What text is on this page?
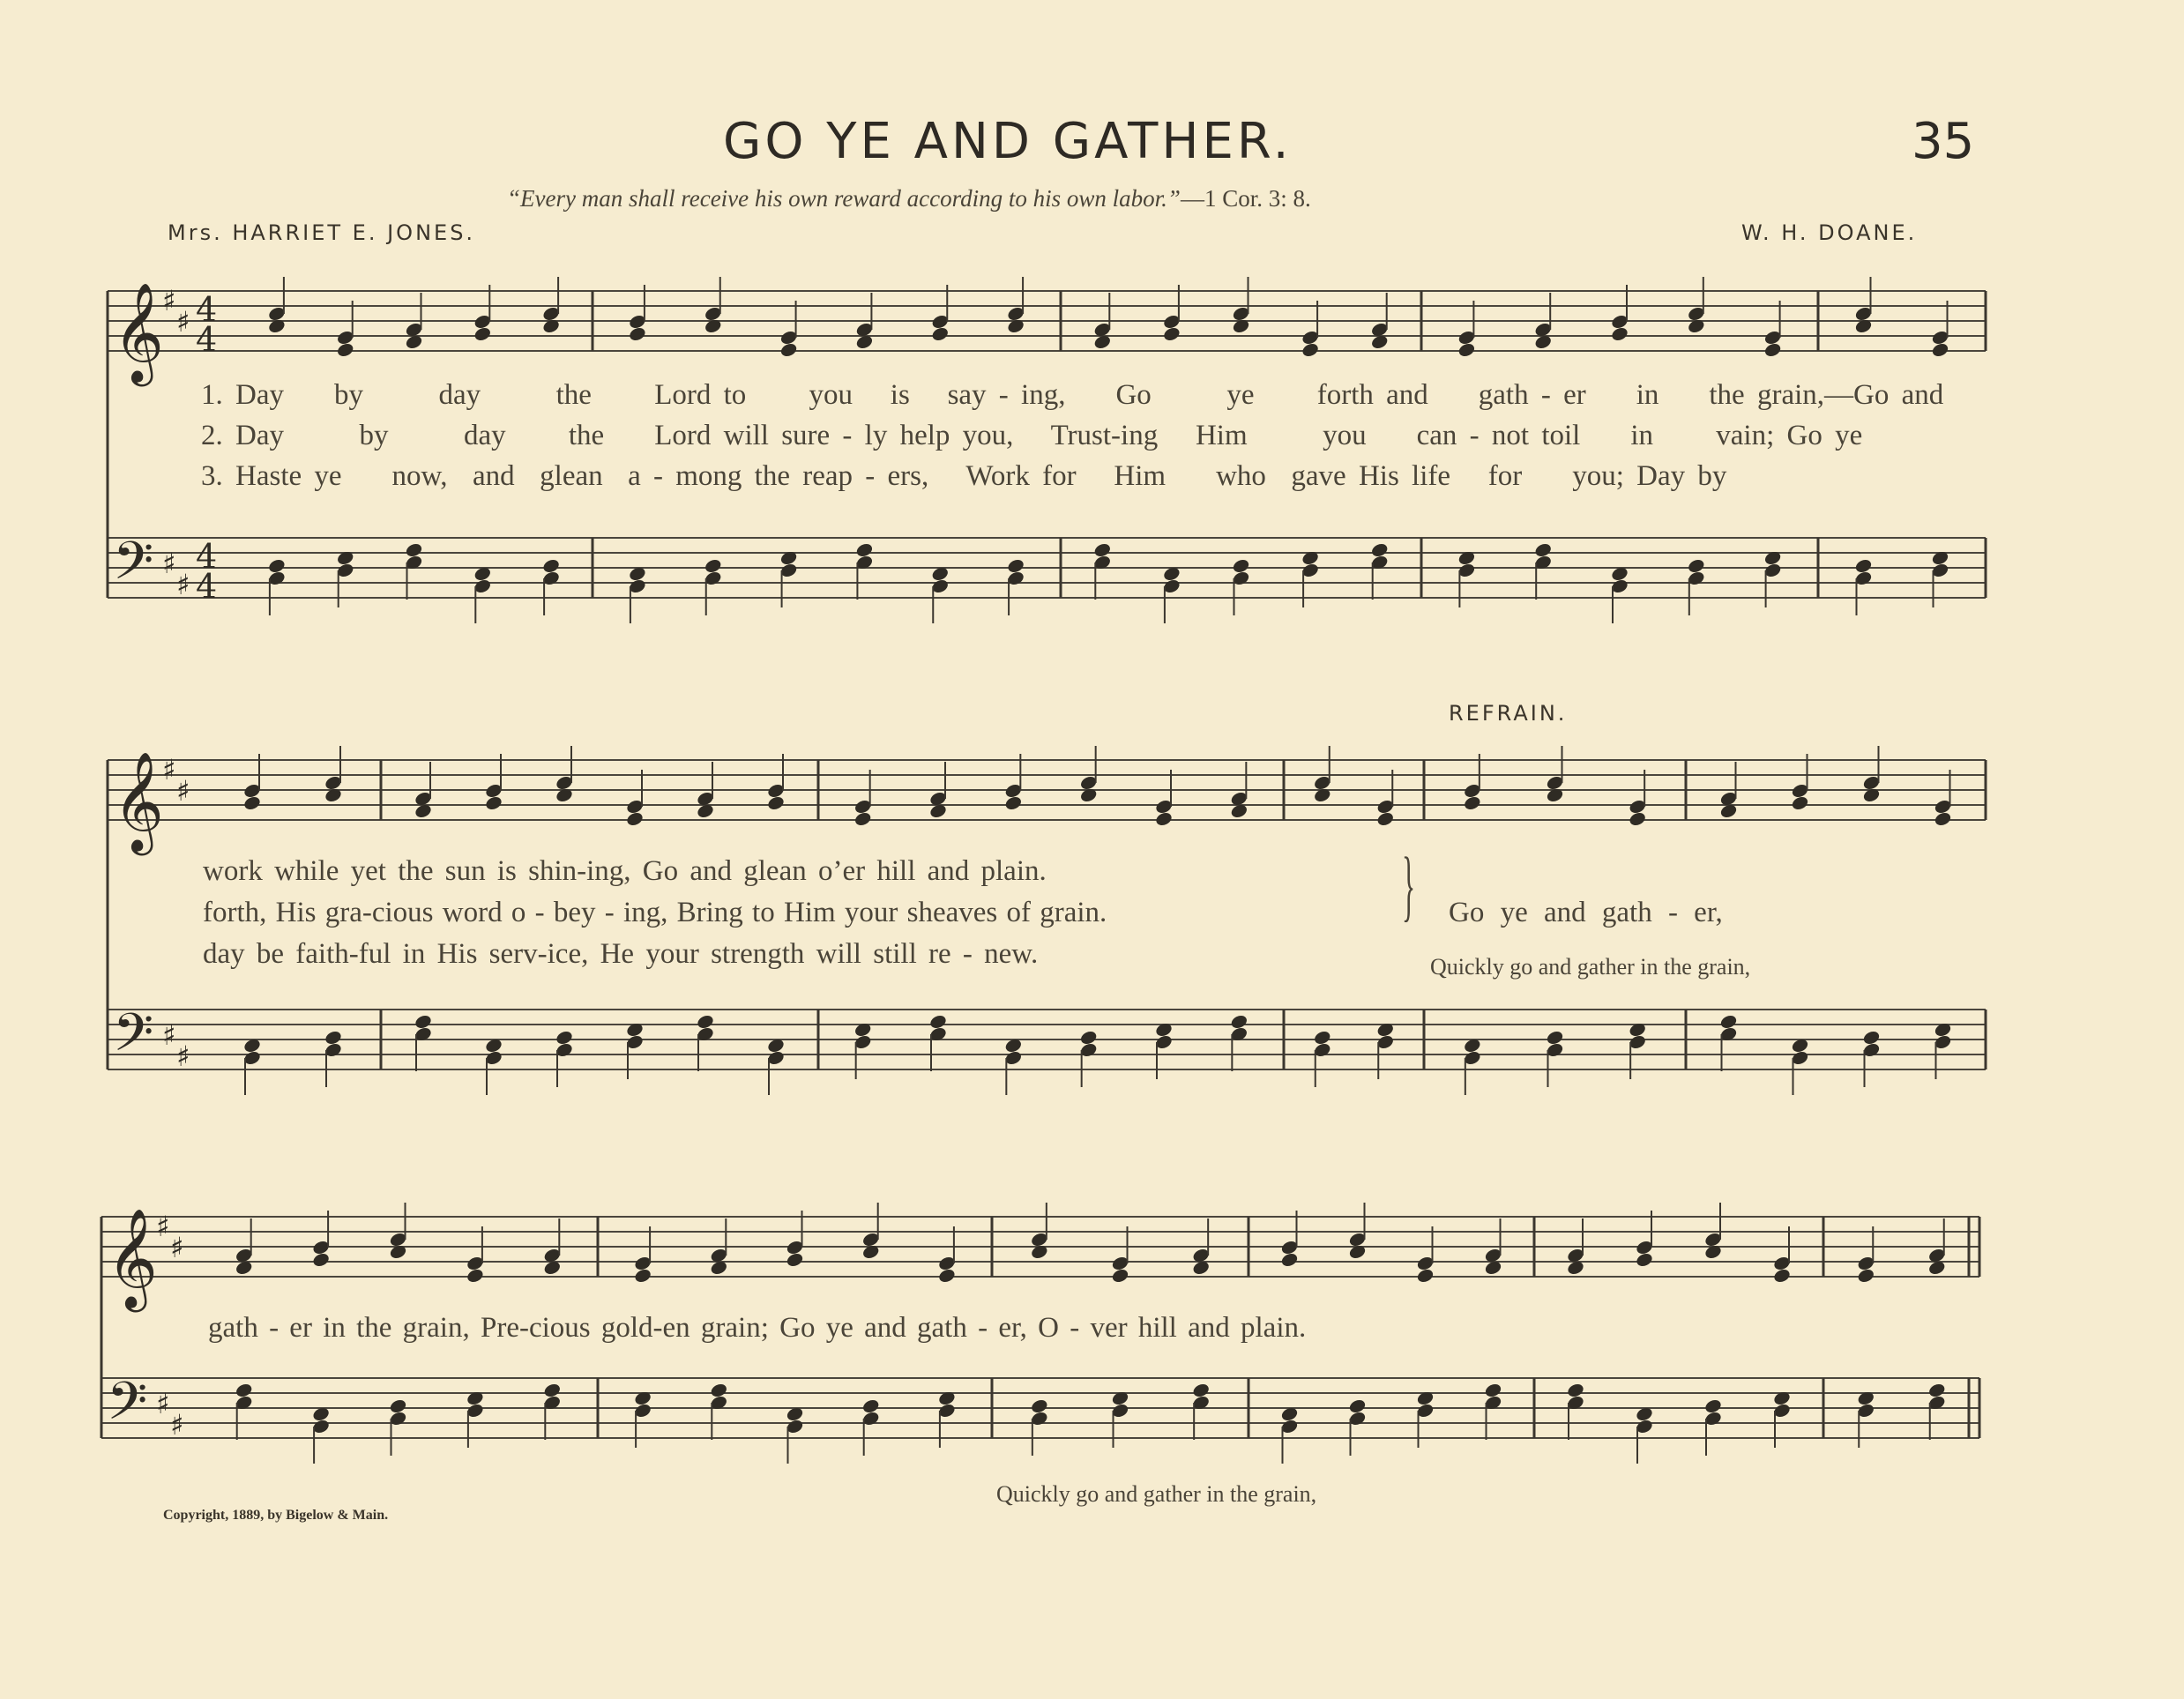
GO YE AND GATHER.	35
“Every man shall receive his own reward according to his own labor.”—1 Cor. 3: 8.
Mrs. HARRIET E. JONES.	W. H. DOANE.
𝄞
𝄢
♯
♯
♯
♯
4
4
4
4
𝄞
𝄢
♯
♯
♯
♯
𝄞
𝄢
♯
♯
♯
♯
1. Day by	day	the Lord to you is say - ing, Go	ye forth and gath - er in the grain,—Go and
2. Day	by	day the Lord will sure - ly help you, Trust-ing Him	you can - not toil in vain; Go ye
3. Haste ye now, and glean a - mong the reap - ers, Work for Him who gave His life for you; Day by
REFRAIN.
work while yet the sun is shin-ing, Go and glean o’er hill and plain.
forth, His gra-cious word o - bey - ing, Bring to Him your sheaves of grain.
day be faith-ful in His serv-ice, He your strength will still re - new.
} Go ye and gath - er,
Quickly go and gather in the grain,
gath - er in the grain, Pre-cious gold-en grain; Go ye and gath - er, O - ver hill and plain.
Quickly go and gather in the grain,
Copyright, 1889, by Bigelow & Main.
